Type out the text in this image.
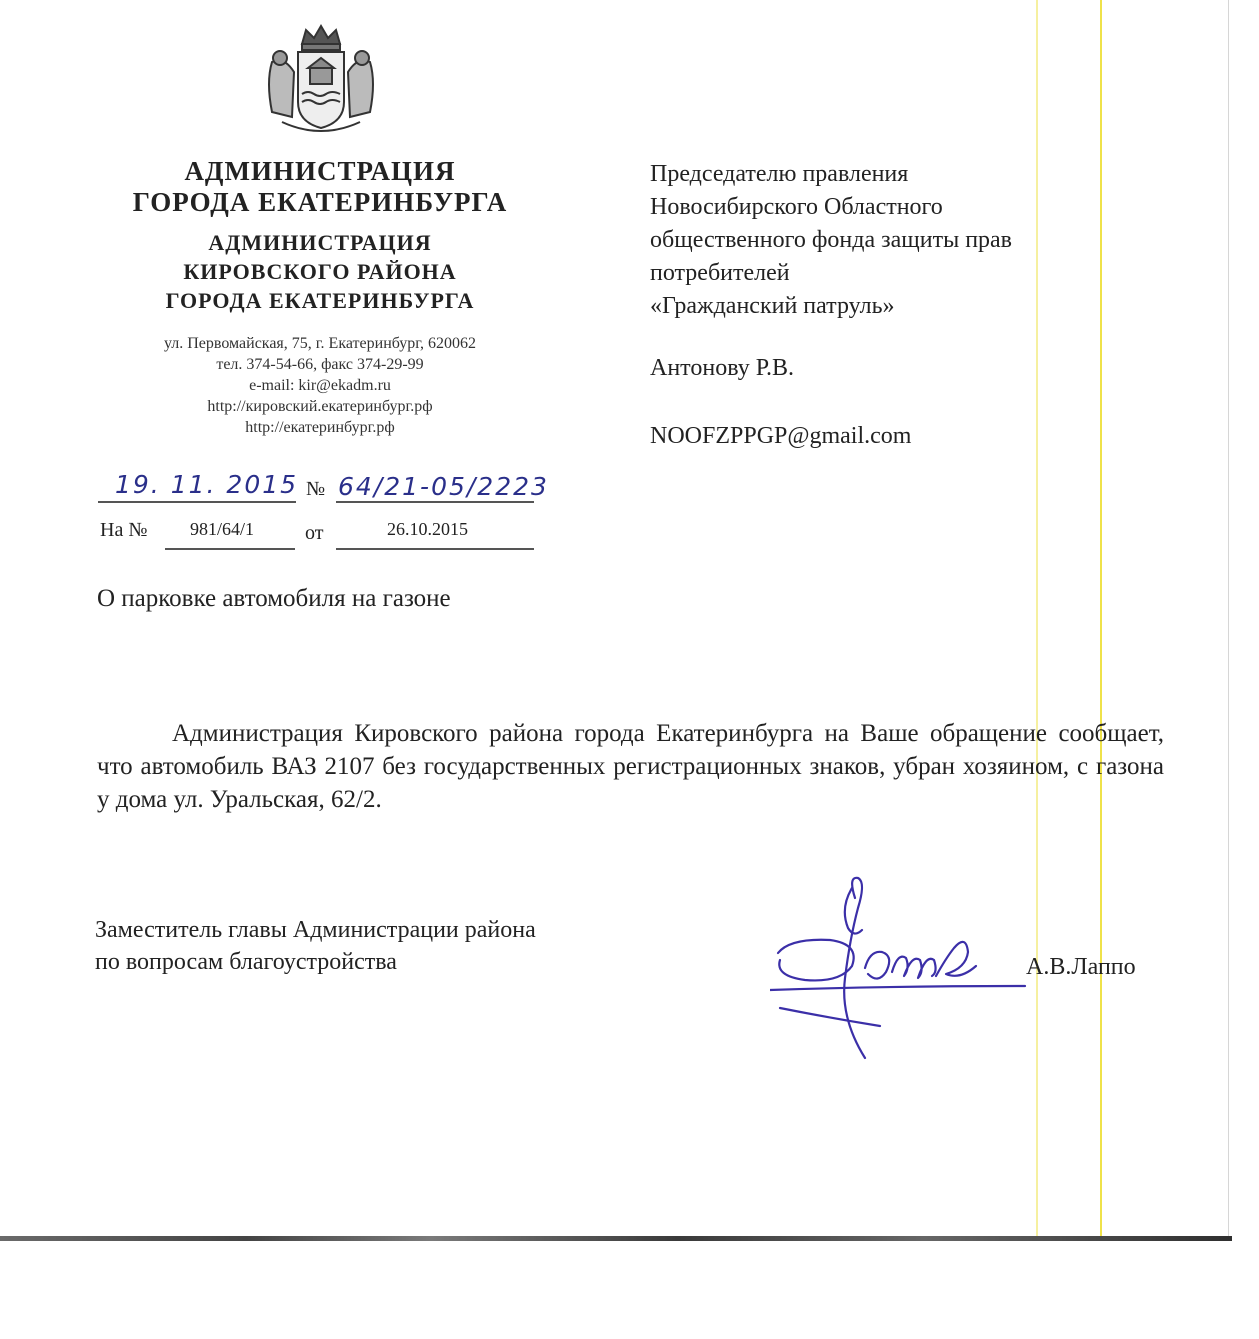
АДМИНИСТРАЦИЯ
ГОРОДА ЕКАТЕРИНБУРГА
АДМИНИСТРАЦИЯ
КИРОВСКОГО РАЙОНА
ГОРОДА ЕКАТЕРИНБУРГА
ул. Первомайская, 75, г. Екатеринбург, 620062
тел. 374-54-66, факс 374-29-99
e-mail: kir@ekadm.ru
http://кировский.екатеринбург.рф
http://екатеринбург.рф
19. 11. 2015 № 64/21-05/2223
На № 981/64/1	от	26.10.2015
Председателю правления
Новосибирского Областного
общественного фонда защиты прав
потребителей
«Гражданский патруль»
Антонову Р.В.
NOOFZPPGP@gmail.com
О парковке автомобиля на газоне
Администрация Кировского района города Екатеринбурга на Ваше обращение сообщает, что автомобиль ВАЗ 2107 без государственных регистрационных знаков, убран хозяином, с газона у дома ул. Уральская, 62/2.
Заместитель главы Администрации района
по вопросам благоустройства	А.В.Лаппо
